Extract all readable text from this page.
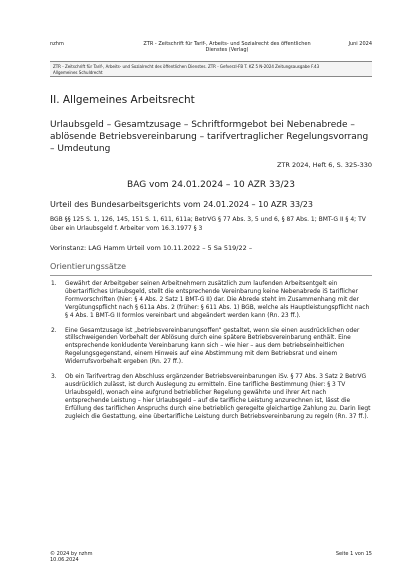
nzhm	ZTR - Zeitschrift für Tarif-, Arbeits- und Sozialrecht des öffentlichen
Dienstes (Verlag)
Juni 2024
ZTR - Zeitschrift für Tarif-, Arbeits- und Sozialrecht des öffentlichen Dienstes. ZTR - Gefverzl-FB T. KZ 5 N-2024 Zeitungsausgabe F.43
Allgemeines Schuldrecht
II. Allgemeines Arbeitsrecht
Urlaubsgeld – Gesamtzusage – Schriftformgebot bei Nebenabrede – ablösende Betriebsvereinbarung – tarifvertraglicher Regelungsvorrang – Umdeutung
ZTR 2024, Heft 6, S. 325-330
BAG vom 24.01.2024 – 10 AZR 33/23
Urteil des Bundesarbeitsgerichts vom 24.01.2024 – 10 AZR 33/23
BGB §§ 125 S. 1, 126, 145, 151 S. 1, 611, 611a; BetrVG § 77 Abs. 3, 5 und 6, § 87 Abs. 1; BMT-G II § 4; TV über ein Urlaubsgeld f. Arbeiter vom 16.3.1977 § 3
Vorinstanz: LAG Hamm Urteil vom 10.11.2022 – 5 Sa 519/22 –
Orientierungssätze
1. Gewährt der Arbeitgeber seinen Arbeitnehmern zusätzlich zum laufenden Arbeitsentgelt ein übertarifliches Urlaubsgeld, stellt die entsprechende Vereinbarung keine Nebenabrede iS tariflicher Formvorschriften (hier: § 4 Abs. 2 Satz 1 BMT-G II) dar. Die Abrede steht im Zusammenhang mit der Vergütungspflicht nach § 611a Abs. 2 (früher: § 611 Abs. 1) BGB, welche als Hauptleistungspflicht nach § 4 Abs. 1 BMT-G II formlos vereinbart und abgeändert werden kann (Rn. 23 ff.).
2. Eine Gesamtzusage ist „betriebsvereinbarungsoffen“ gestaltet, wenn sie einen ausdrücklichen oder stillschweigenden Vorbehalt der Ablösung durch eine spätere Betriebsvereinbarung enthält. Eine entsprechende konkludente Vereinbarung kann sich – wie hier – aus dem betriebseinheitlichen Regelungsgegenstand, einem Hinweis auf eine Abstimmung mit dem Betriebsrat und einem Widerrufsvorbehalt ergeben (Rn. 27 ff.).
3. Ob ein Tarifvertrag den Abschluss ergänzender Betriebsvereinbarungen iSv. § 77 Abs. 3 Satz 2 BetrVG ausdrücklich zulässt, ist durch Auslegung zu ermitteln. Eine tarifliche Bestimmung (hier: § 3 TV Urlaubsgeld), wonach eine aufgrund betrieblicher Regelung gewährte und ihrer Art nach entsprechende Leistung – hier Urlaubsgeld – auf die tarifliche Leistung anzurechnen ist, lässt die Erfüllung des tariflichen Anspruchs durch eine betrieblich geregelte gleichartige Zahlung zu. Darin liegt zugleich die Gestattung, eine übertarifliche Leistung durch Betriebsvereinbarung zu regeln (Rn. 37 ff.).
© 2024 by nzhm
10.06.2024
Seite 1 von 15
